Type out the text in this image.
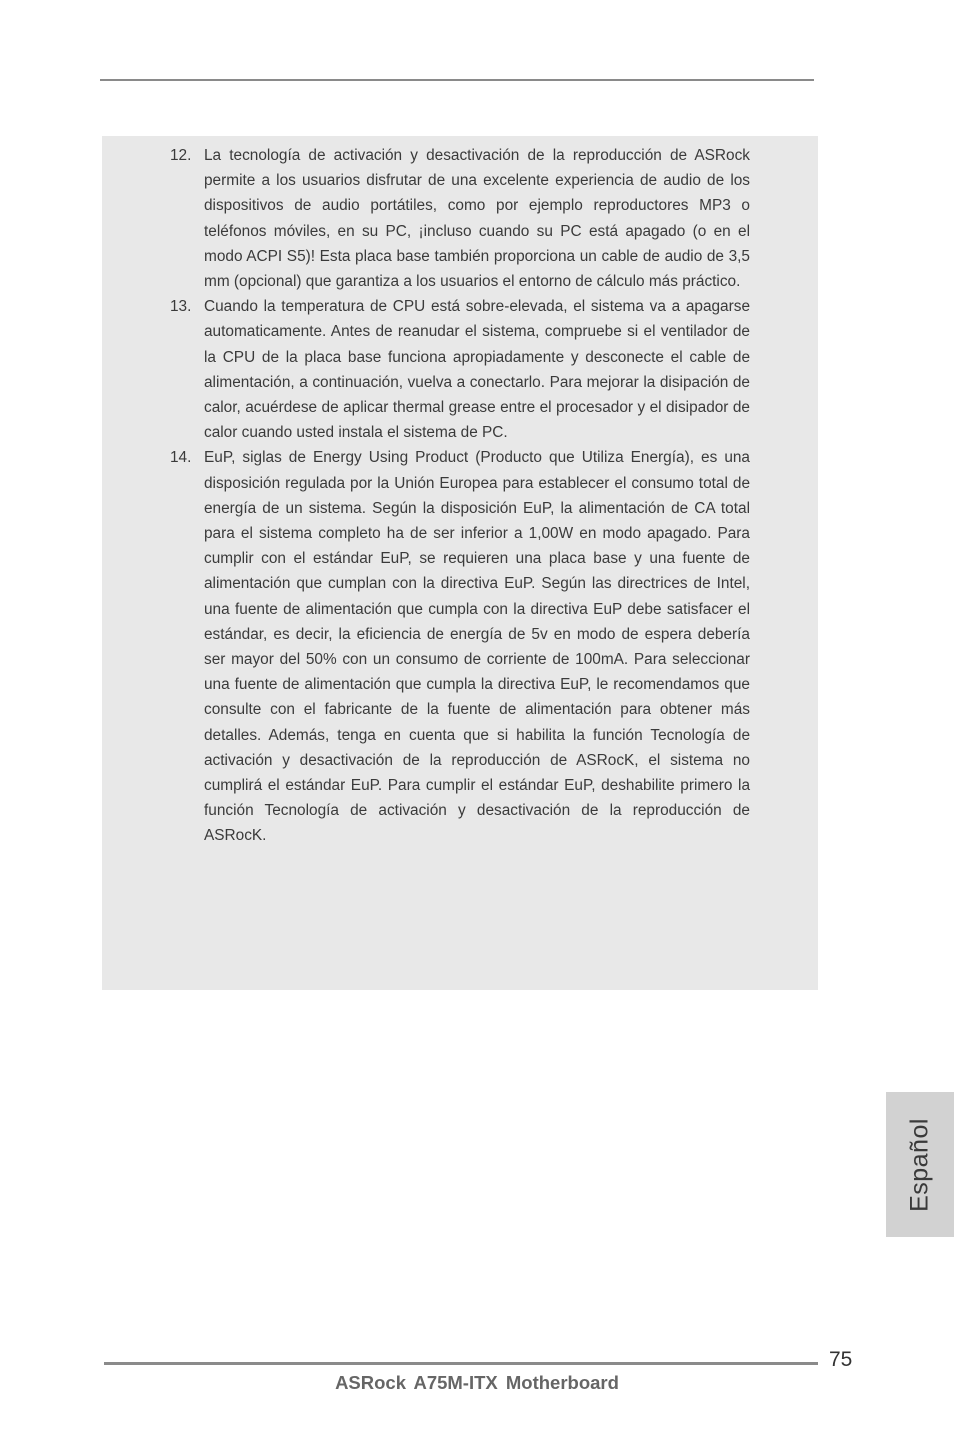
12. La tecnología de activación y desactivación de la reproducción de ASRock permite a los usuarios disfrutar de una excelente experiencia de audio de los dispositivos de audio portátiles, como por ejemplo reproductores MP3 o teléfonos móviles, en su PC, ¡incluso cuando su PC está apagado (o en el modo ACPI S5)! Esta placa base también proporciona un cable de audio de 3,5 mm (opcional) que garantiza a los usuarios el entorno de cálculo más práctico.
13. Cuando la temperatura de CPU está sobre-elevada, el sistema va a apagarse automaticamente. Antes de reanudar el sistema, compruebe si el ventilador de la CPU de la placa base funciona apropiadamente y desconecte el cable de alimentación, a continuación, vuelva a conectarlo. Para mejorar la disipación de calor, acuérdese de aplicar thermal grease entre el procesador y el disipador de calor cuando usted instala el sistema de PC.
14. EuP, siglas de Energy Using Product (Producto que Utiliza Energía), es una disposición regulada por la Unión Europea para establecer el consumo total de energía de un sistema. Según la disposición EuP, la alimentación de CA total para el sistema completo ha de ser inferior a 1,00W en modo apagado. Para cumplir con el estándar EuP, se requieren una placa base y una fuente de alimentación que cumplan con la directiva EuP. Según las directrices de Intel, una fuente de alimentación que cumpla con la directiva EuP debe satisfacer el estándar, es decir, la eficiencia de energía de 5v en modo de espera debería ser mayor del 50% con un consumo de corriente de 100mA. Para seleccionar una fuente de alimentación que cumpla la directiva EuP, le recomendamos que consulte con el fabricante de la fuente de alimentación para obtener más detalles. Además, tenga en cuenta que si habilita la función Tecnología de activación y desactivación de la reproducción de ASRocK, el sistema no cumplirá el estándar EuP. Para cumplir el estándar EuP, deshabilite primero la función Tecnología de activación y desactivación de la reproducción de ASRocK.
Español
75
ASRock A75M-ITX Motherboard
